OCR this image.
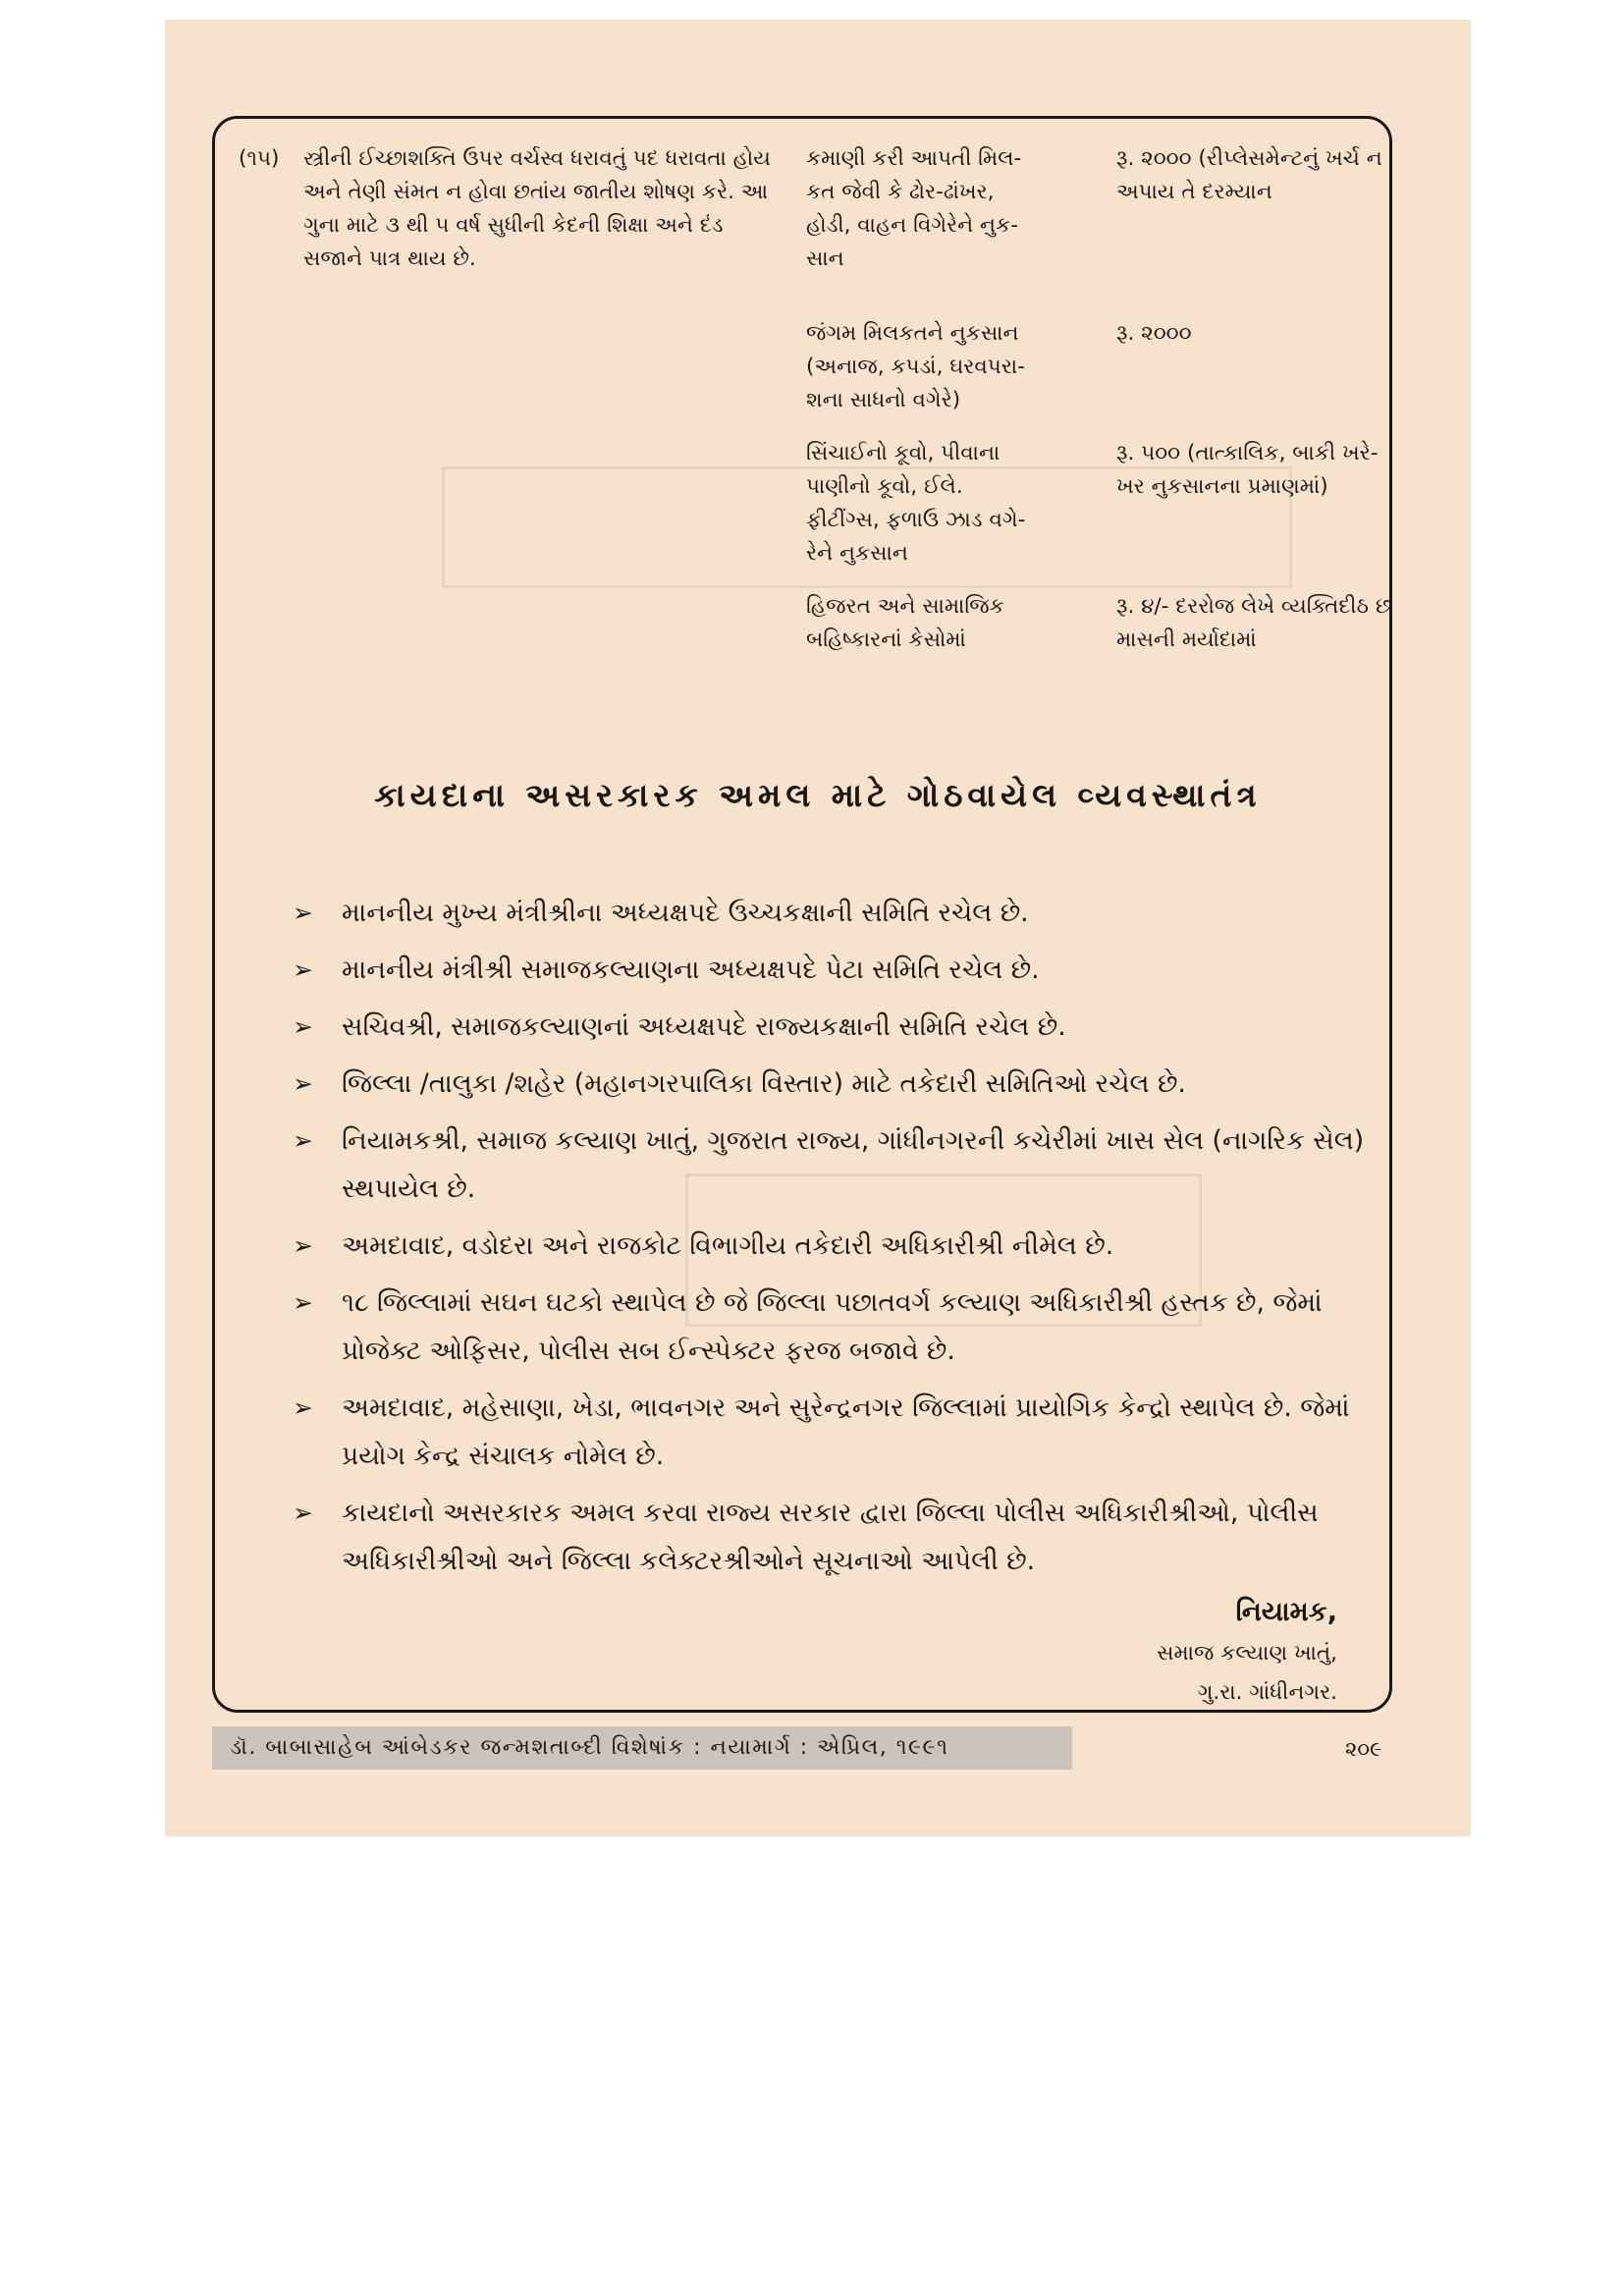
(૧૫) સ્ત્રીની ઈચ્છાશક્તિ ઉપર વર્ચસ્વ ધરાવતું પદ ધરાવતા હોય અને તેણી સંમત ન હોવા છતાંય જાતીય શોષણ કરે. આ ગુના માટે ૩ થી ૫ વર્ષ સુધીની કેદની શિક્ષા અને દંડ સજાને પાત્ર થાય છે.
કમાણી કરી આપતી મિલ-કત જેવી કે ઢોર-ઢાંખર, હોડી, વાહન વિગેરેને નુક-સાન
રૂ. ૨૦૦૦ (રીપ્લેસમેન્ટનું ખર્ચ ન અપાય તે દરમ્યાન
જંગમ મિલકતને નુકસાન (અનાજ, કપડાં, ઘરવપરા-શના સાધનો વગેરે)
રૂ. ૨૦૦૦
સિંચાઈનો કૂવો, પીવાના પાણીનો કૂવો, ઈલે. ફીટીંગ્સ, ફળાઉ ઝાડ વગે-રેને નુકસાન
રૂ. ૫૦૦ (તાત્કાલિક, બાકી ખરે-ખર નુકસાનના પ્રમાણમાં)
હિજરત અને સામાજિક બહિષ્કારનાં કેસોમાં
રૂ. ૪/- દરરોજ લેખે વ્યક્તિદીઠ છ માસની મર્યાદામાં
કાયદાના અસરકારક અમલ માટે ગોઠવાયેલ વ્યવસ્થાતંત્ર
➢ માનનીય મુખ્ય મંત્રીશ્રીના અધ્યક્ષપદે ઉચ્ચકક્ષાની સમિતિ રચેલ છે.
➢ માનનીય મંત્રીશ્રી સમાજકલ્યાણના અધ્યક્ષપદે પેટા સમિતિ રચેલ છે.
➢ સચિવશ્રી, સમાજકલ્યાણનાં અધ્યક્ષપદે રાજ્યકક્ષાની સમિતિ રચેલ છે.
➢ જિલ્લા /તાલુકા /શહેર (મહાનગરપાલિકા વિસ્તાર) માટે તકેદારી સમિતિઓ રચેલ છે.
➢ નિયામકશ્રી, સમાજ કલ્યાણ ખાતું, ગુજરાત રાજ્ય, ગાંધીનગરની કચેરીમાં ખાસ સેલ (નાગરિક સેલ) સ્થપાયેલ છે.
➢ અમદાવાદ, વડોદરા અને રાજકોટ વિભાગીય તકેદારી અધિકારીશ્રી નીમેલ છે.
➢ ૧૮ જિલ્લામાં સઘન ઘટકો સ્થાપેલ છે જે જિલ્લા પછાતવર્ગ કલ્યાણ અધિકારીશ્રી હસ્તક છે, જેમાં પ્રોજેક્ટ ઓફિસર, પોલીસ સબ ઈન્સ્પેક્ટર ફરજ બજાવે છે.
➢ અમદાવાદ, મહેસાણા, ખેડા, ભાવનગર અને સુરેન્દ્રનગર જિલ્લામાં પ્રાયોગિક કેન્દ્રો સ્થાપેલ છે. જેમાં પ્રયોગ કેન્દ્ર સંચાલક નોમેલ છે.
➢ કાયદાનો અસરકારક અમલ કરવા રાજ્ય સરકાર દ્વારા જિલ્લા પોલીસ અધિકારીશ્રીઓ, પોલીસ અધિકારીશ્રીઓ અને જિલ્લા કલેક્ટરશ્રીઓને સૂચનાઓ આપેલી છે.
નિયામક,
સમાજ કલ્યાણ ખાતું,
ગુ.રા. ગાંધીનગર.
ડૉ. બાબાસાહેબ આંબેડકર જન્મશતાબ્દી વિશેષાંક : નયામાર્ગ : એપ્રિલ, ૧૯૯૧	૨૦૯
